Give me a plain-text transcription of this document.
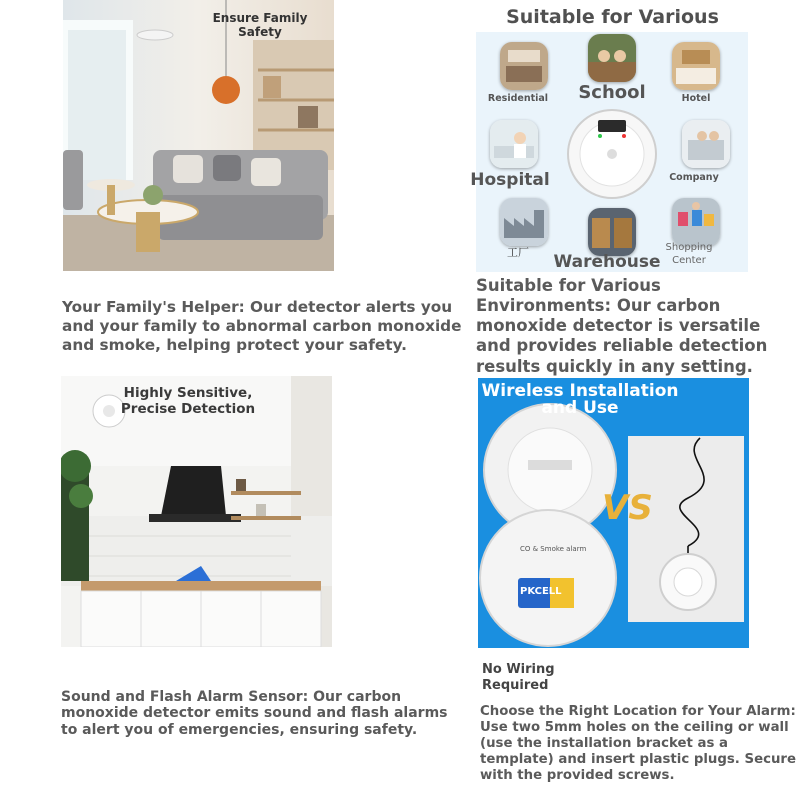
Ensure Family Safety
Your Family's Helper: Our detector alerts you and your family to abnormal carbon monoxide and smoke, helping protect your safety.
Suitable for Various
Residential	School	Hotel
Hospital	Company
工厂	Warehouse
Shopping Center
Suitable for Various Environments: Our carbon monoxide detector is versatile and provides reliable detection results quickly in any setting.
Highly Sensitive, Precise Detection
Sound and Flash Alarm Sensor: Our carbon monoxide detector emits sound and flash alarms to alert you of emergencies, ensuring safety.
Wireless Installation and Use
CO & Smoke alarm
PKCELL
VS
No Wiring Required
Choose the Right Location for Your Alarm: Use two 5mm holes on the ceiling or wall (use the installation bracket as a template) and insert plastic plugs. Secure with the provided screws.
